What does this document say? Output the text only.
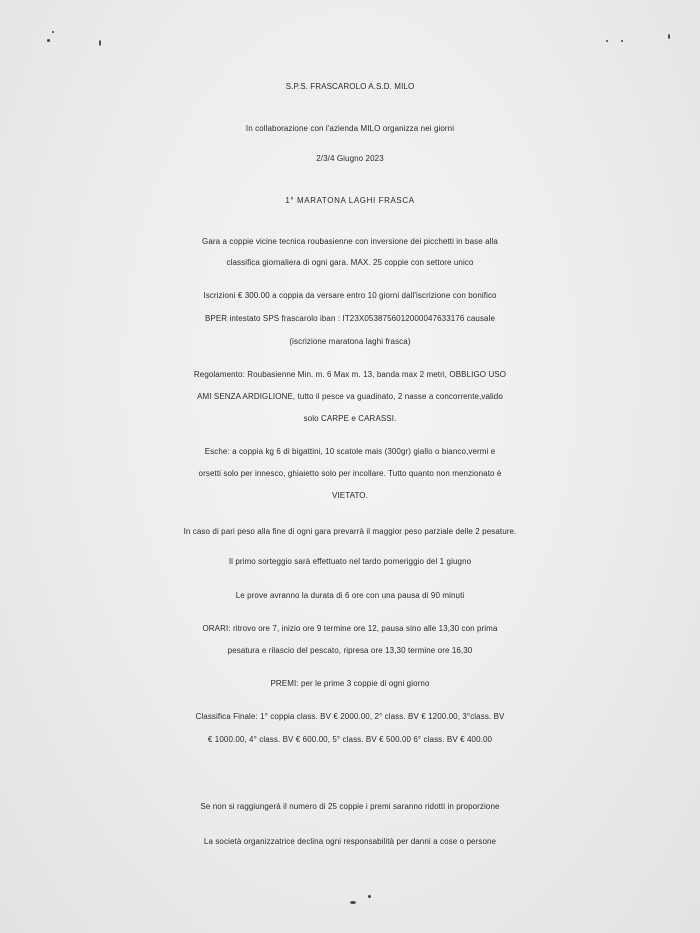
S.P.S. FRASCAROLO A.S.D. MILO
In collaborazione con l'azienda MILO organizza nei giorni
2/3/4 Giugno 2023
1° MARATONA LAGHI FRASCA
Gara a coppie vicine tecnica roubasienne con inversione dei picchetti in base alla
classifica giornaliera di ogni gara. MAX. 25 coppie con settore unico
Iscrizioni € 300.00 a coppia da versare entro 10 giorni dall'iscrizione con bonifico
BPER intestato SPS frascarolo iban : IT23X0538756012000047633176 causale
(iscrizione maratona laghi frasca)
Regolamento: Roubasienne Min. m. 6 Max m. 13, banda max 2 metri, OBBLIGO USO
AMI SENZA ARDIGLIONE, tutto il pesce va guadinato, 2 nasse a concorrente,valido
solo CARPE e CARASSI.
Esche: a coppia kg 6 di bigattini, 10 scatole mais (300gr) giallo o bianco,vermi e
orsetti solo per innesco, ghiaietto solo per incollare. Tutto quanto non menzionato è
VIETATO.
In caso di pari peso alla fine di ogni gara prevarrà il maggior peso parziale delle 2 pesature.
Il primo sorteggio sarà effettuato nel tardo pomeriggio del 1 giugno
Le prove avranno la durata di 6 ore con una pausa di 90 minuti
ORARI: ritrovo ore 7, inizio ore 9 termine ore 12, pausa sino alle 13,30 con prima
pesatura e rilascio del pescato, ripresa ore 13,30 termine ore 16,30
PREMI: per le prime 3 coppie di ogni giorno
Classifica Finale: 1° coppia class. BV € 2000.00, 2° class. BV € 1200.00, 3°class. BV
€ 1000.00, 4° class. BV € 600.00, 5° class. BV € 500.00 6° class. BV € 400.00
Se non si raggiungerà il numero di 25 coppie i premi saranno ridotti in proporzione
La società organizzatrice declina ogni responsabilità per danni a cose o persone
